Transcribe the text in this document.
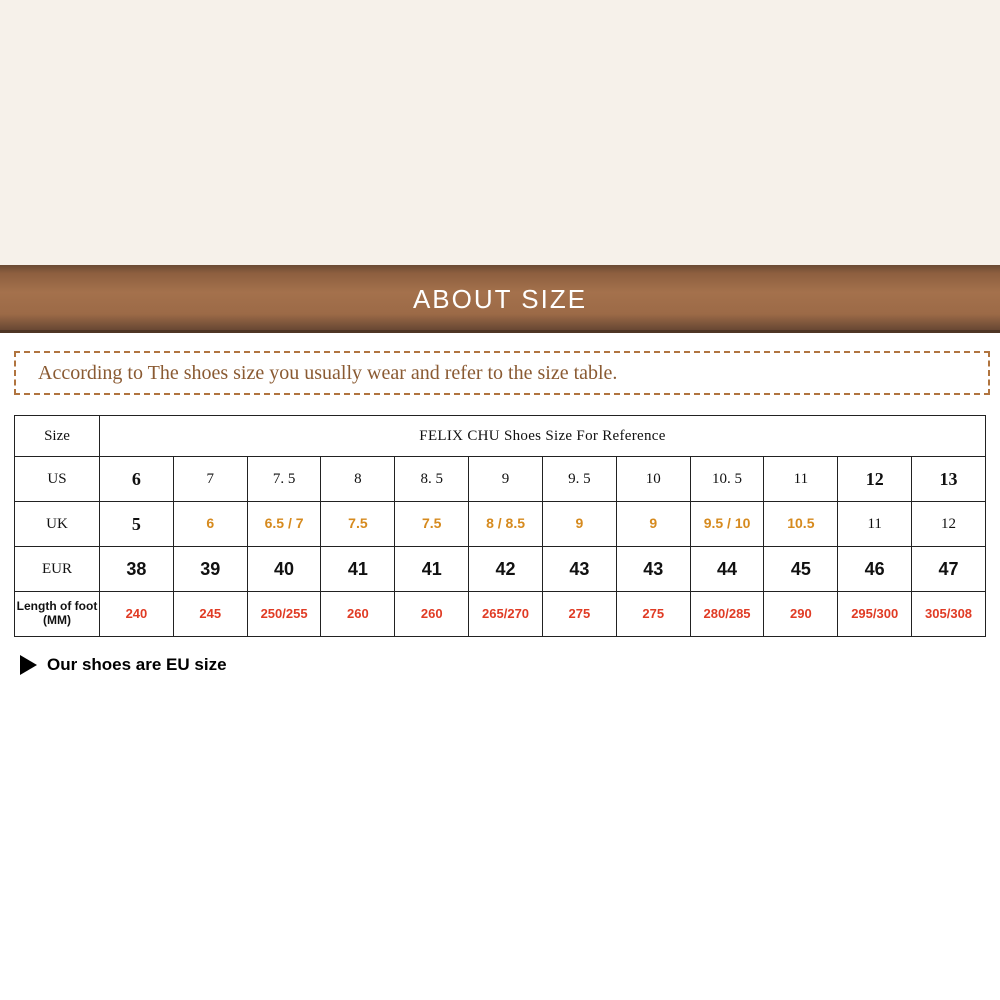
ABOUT SIZE
According to The shoes size you usually wear and refer to the size table.
Size	FELIX CHU Shoes Size For Reference											
US	6	7	7. 5	8	8. 5	9	9. 5	10	10. 5	11	12	13
UK	5	6	6.5 / 7	7.5	7.5	8 / 8.5	9	9	9.5 / 10	10.5	11	12
EUR	38	39	40	41	41	42	43	43	44	45	46	47
Length of foot (MM)	240	245	250/255	260	260	265/270	275	275	280/285	290	295/300	305/308
Our shoes are EU size
